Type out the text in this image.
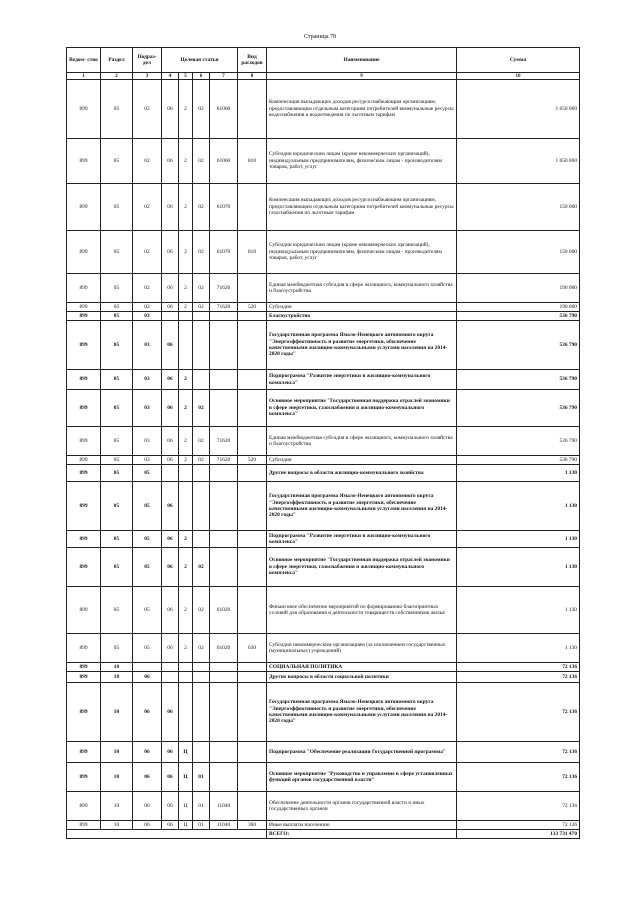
Страница 78
Ведом- ство	Раздел	Подраз- дел	Целевая статья				Вид расходов	Наименование	Сумма
1	2	3	4	5	6	7	8	9	10
899	05	02	06	2	02	61060		Компенсация выпадающих доходов ресурсоснабжающим организациям, предоставляющим отдельным категориям потребителей коммунальные ресурсы водоснабжения и водоотведения по льготным тарифам	1 650 000
899	05	02	06	2	02	61060	810	Субсидии юридическим лицам (кроме некоммерческих организаций), индивидуальным предпринимателям, физическим лицам - производителям товаров, работ, услуг	1 650 000
899	05	02	06	2	02	61070		Компенсация выпадающих доходов ресурсоснабжающим организациям, предоставляющим отдельным категориям потребителей коммунальные ресурсы газоснабжения по льготным тарифам	150 000
899	05	02	06	2	02	61070	810	Субсидии юридическим лицам (кроме некоммерческих организаций), индивидуальным предпринимателям, физическим лицам - производителям товаров, работ, услуг	150 000
899	05	02	06	2	02	71620		Единая межбюджетная субсидия в сфере жилищного, коммунального хозяйства и благоустройства	190 000
899	05	02	06	2	02	71620	520	Субсидии	190 000
899	05	03						Благоустройство	536 790
899	05	03	06					Государственная программа Ямало-Ненецкого автономного округа "Энергоэффективность и развитие энергетики, обеспечение качественными жилищно-коммунальными услугами населения на 2014-2020 годы"	536 790
899	05	03	06	2				Подпрограмма "Развитие энергетики и жилищно-коммунального комплекса"	536 790
899	05	03	06	2	02			Основное мероприятие "Государственная поддержка отраслей экономики в сфере энергетики, газоснабжения и жилищно-коммунального комплекса"	536 790
899	05	03	06	2	02	71620		Единая межбюджетная субсидия в сфере жилищного, коммунального хозяйства и благоустройства	536 790
899	05	03	06	2	02	71620	520	Субсидии	536 790
899	05	05						Другие вопросы в области жилищно-коммунального хозяйства	1 130
899	05	05	06					Государственная программа Ямало-Ненецкого автономного округа "Энергоэффективность и развитие энергетики, обеспечение качественными жилищно-коммунальными услугами населения на 2014-2020 годы"	1 130
899	05	05	06	2				Подпрограмма "Развитие энергетики и жилищно-коммунального комплекса"	1 130
899	05	05	06	2	02			Основное мероприятие "Государственная поддержка отраслей экономики в сфере энергетики, газоснабжения и жилищно-коммунального комплекса"	1 130
899	05	05	06	2	02	61020		Финансовое обеспечение мероприятий по формированию благоприятных условий для образования и деятельности товариществ собственников жилья	1 130
899	05	05	06	2	02	61020	630	Субсидии некоммерческим организациям (за исключением государственных (муниципальных) учреждений)	1 130
899	10							СОЦИАЛЬНАЯ ПОЛИТИКА	72 136
899	10	06						Другие вопросы в области социальной политики	72 136
899	10	06	06					Государственная программа Ямало-Ненецкого автономного округа "Энергоэффективность и развитие энергетики, обеспечение качественными жилищно-коммунальными услугами населения на 2014-2020 годы"	72 136
899	10	06	06	Ц				Подпрограмма "Обеспечение реализации Государственной программы"	72 136
899	10	06	06	Ц	01			Основное мероприятие "Руководство и управление в сфере установленных функций органов государственной власти"	72 136
899	10	06	06	Ц	01	11040		Обеспечение деятельности органов государственной власти и иных государственных органов	72 136
899	10	06	06	Ц	01	11040	360	Иные выплаты населению	72 136
								ВСЕГО:	133 731 470
